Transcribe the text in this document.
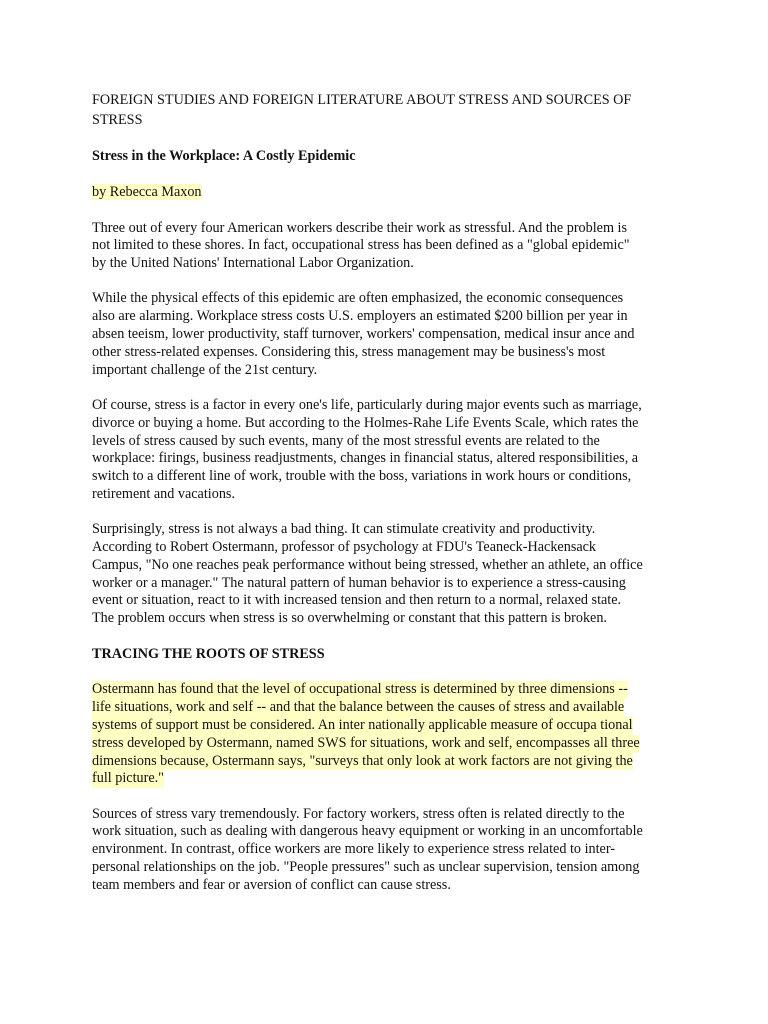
FOREIGN STUDIES AND FOREIGN LITERATURE ABOUT STRESS AND SOURCES OF
STRESS

Stress in the Workplace: A Costly Epidemic

by Rebecca Maxon

Three out of every four American workers describe their work as stressful. And the problem is
not limited to these shores. In fact, occupational stress has been defined as a "global epidemic"
by the United Nations' International Labor Organization.

While the physical effects of this epidemic are often emphasized, the economic consequences
also are alarming. Workplace stress costs U.S. employers an estimated $200 billion per year in
absen teeism, lower productivity, staff turnover, workers' compensation, medical insur ance and
other stress-related expenses. Considering this, stress management may be business's most
important challenge of the 21st century.

Of course, stress is a factor in every one's life, particularly during major events such as marriage,
divorce or buying a home. But according to the Holmes-Rahe Life Events Scale, which rates the
levels of stress caused by such events, many of the most stressful events are related to the
workplace: firings, business readjustments, changes in financial status, altered responsibilities, a
switch to a different line of work, trouble with the boss, variations in work hours or conditions,
retirement and vacations.

Surprisingly, stress is not always a bad thing. It can stimulate creativity and productivity.
According to Robert Ostermann, professor of psychology at FDU's Teaneck-Hackensack
Campus, "No one reaches peak performance without being stressed, whether an athlete, an office
worker or a manager." The natural pattern of human behavior is to experience a stress-causing
event or situation, react to it with increased tension and then return to a normal, relaxed state.
The problem occurs when stress is so overwhelming or constant that this pattern is broken.

TRACING THE ROOTS OF STRESS

Ostermann has found that the level of occupational stress is determined by three dimensions --
life situations, work and self -- and that the balance between the causes of stress and available
systems of support must be considered. An inter nationally applicable measure of occupa tional
stress developed by Ostermann, named SWS for situations, work and self, encompasses all three
dimensions because, Ostermann says, "surveys that only look at work factors are not giving the
full picture."

Sources of stress vary tremendously. For factory workers, stress often is related directly to the
work situation, such as dealing with dangerous heavy equipment or working in an uncomfortable
environment. In contrast, office workers are more likely to experience stress related to inter-
personal relationships on the job. "People pressures" such as unclear supervision, tension among
team members and fear or aversion of conflict can cause stress.
